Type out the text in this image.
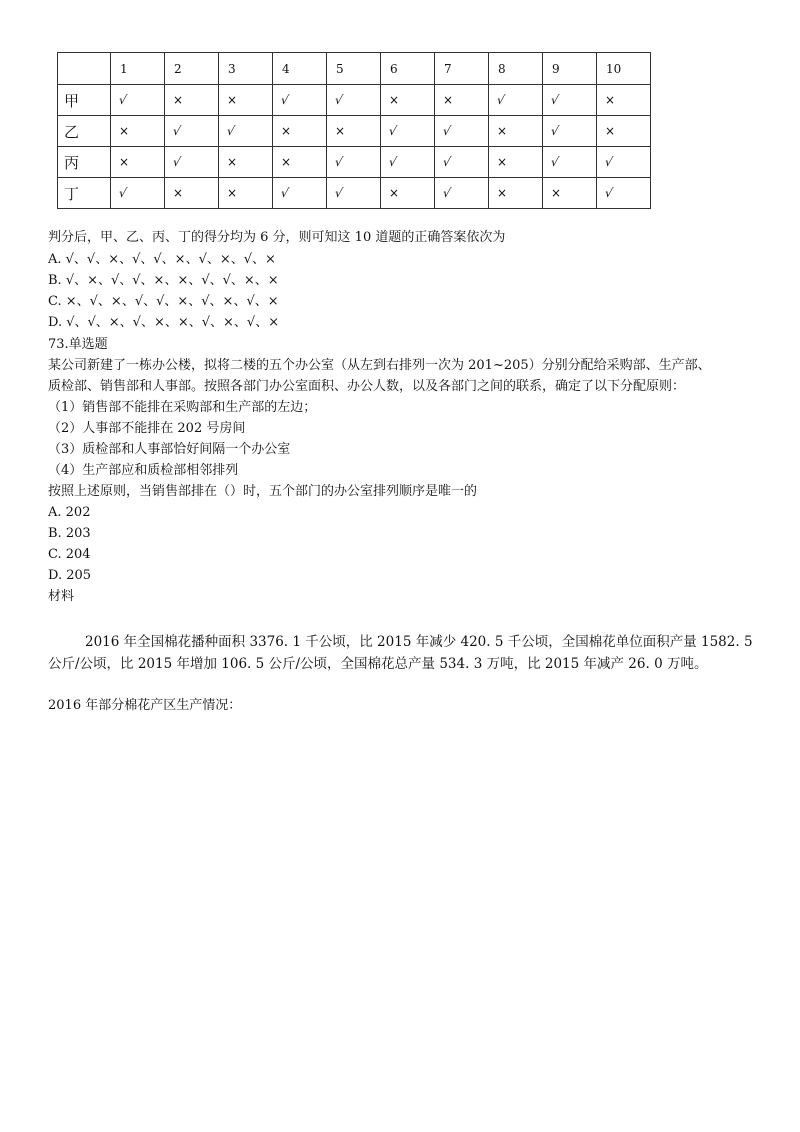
	1	2	3	4	5	6	7	8	9	10
甲	√	×	×	√	√	×	×	√	√	×
乙	×	√	√	×	×	√	√	×	√	×
丙	×	√	×	×	√	√	√	×	√	√
丁	√	×	×	√	√	×	√	×	×	√
判分后，甲、乙、丙、丁的得分均为 6 分，则可知这 10 道题的正确答案依次为
A. √、√、×、√、√、×、√、×、√、×
B. √、×、√、√、×、×、√、√、×、×
C. ×、√、×、√、√、×、√、×、√、×
D. √、√、×、√、×、×、√、×、√、×
73.单选题
某公司新建了一栋办公楼，拟将二楼的五个办公室（从左到右排列一次为 201~205）分别分配给采购部、生产部、
质检部、销售部和人事部。按照各部门办公室面积、办公人数，以及各部门之间的联系，确定了以下分配原则：
（1）销售部不能排在采购部和生产部的左边；
（2）人事部不能排在 202 号房间
（3）质检部和人事部恰好间隔一个办公室
（4）生产部应和质检部相邻排列
按照上述原则，当销售部排在（）时，五个部门的办公室排列顺序是唯一的
A. 202
B. 203
C. 204
D. 205
材料
2016 年全国棉花播种面积 3376. 1 千公顷，比 2015 年减少 420. 5 千公顷，全国棉花单位面积产量 1582. 5 公斤/公顷，比 2015 年增加 106. 5 公斤/公顷，全国棉花总产量 534. 3 万吨，比 2015 年减产 26. 0 万吨。
2016 年部分棉花产区生产情况：
